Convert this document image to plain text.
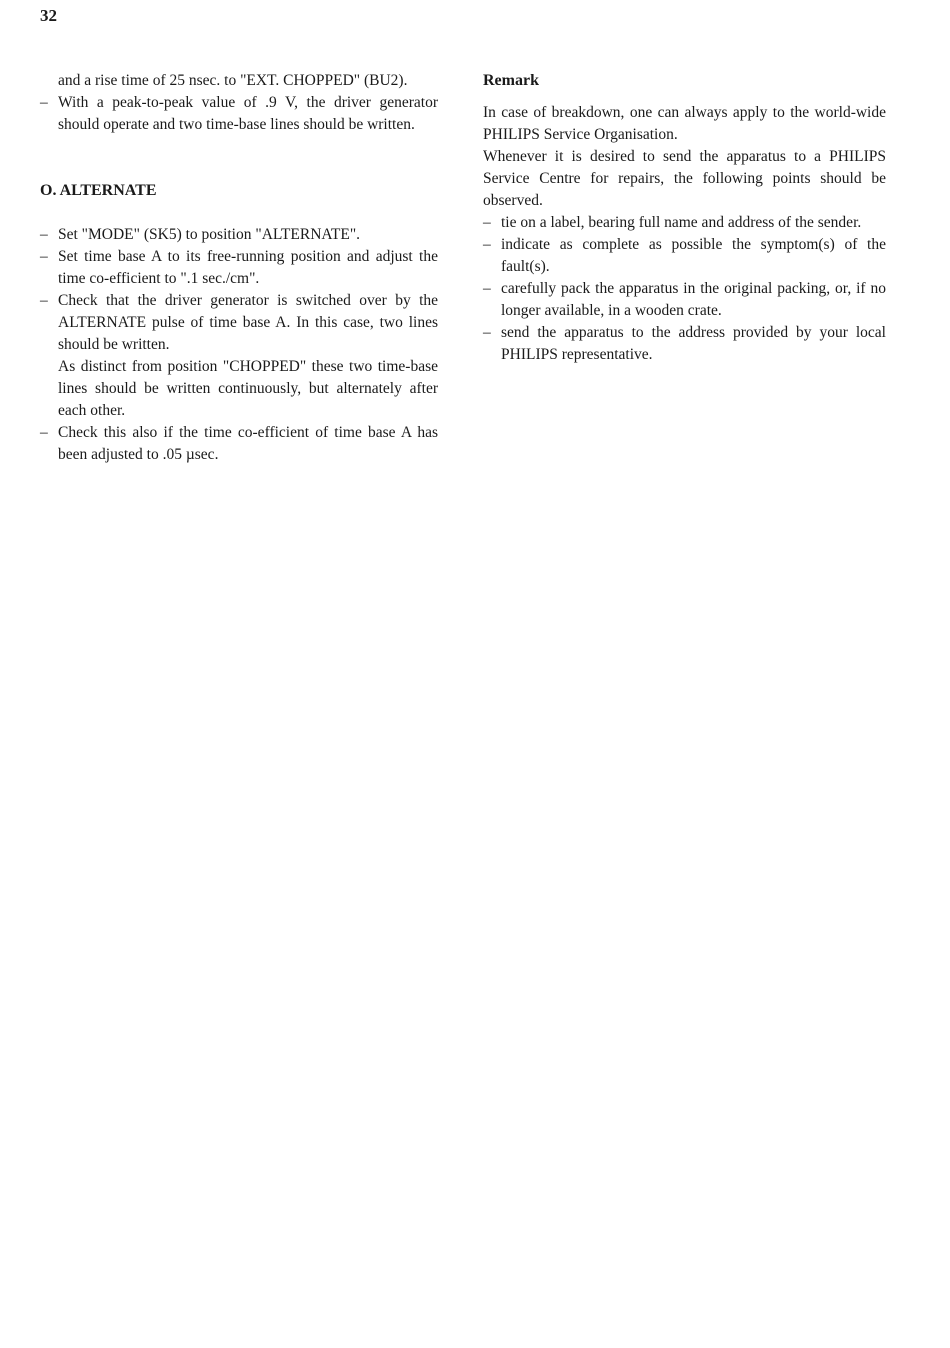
32

and a rise time of 25 nsec. to "EXT. CHOPPED" (BU2).

– With a peak-to-peak value of .9 V, the driver generator should operate and two time-base lines should be written.

O. ALTERNATE

– Set "MODE" (SK5) to position "ALTERNATE".
– Set time base A to its free-running position and adjust the time co-efficient to ".1 sec./cm".
– Check that the driver generator is switched over by the ALTERNATE pulse of time base A. In this case, two lines should be written.

As distinct from position "CHOPPED" these two time-base lines should be written continuously, but alternately after each other.

– Check this also if the time co-efficient of time base A has been adjusted to .05 µsec.

Remark

In case of breakdown, one can always apply to the world-wide PHILIPS Service Organisation.

Whenever it is desired to send the apparatus to a PHILIPS Service Centre for repairs, the following points should be observed.

– tie on a label, bearing full name and address of the sender.
– indicate as complete as possible the symptom(s) of the fault(s).
– carefully pack the apparatus in the original packing, or, if no longer available, in a wooden crate.
– send the apparatus to the address provided by your local PHILIPS representative.
